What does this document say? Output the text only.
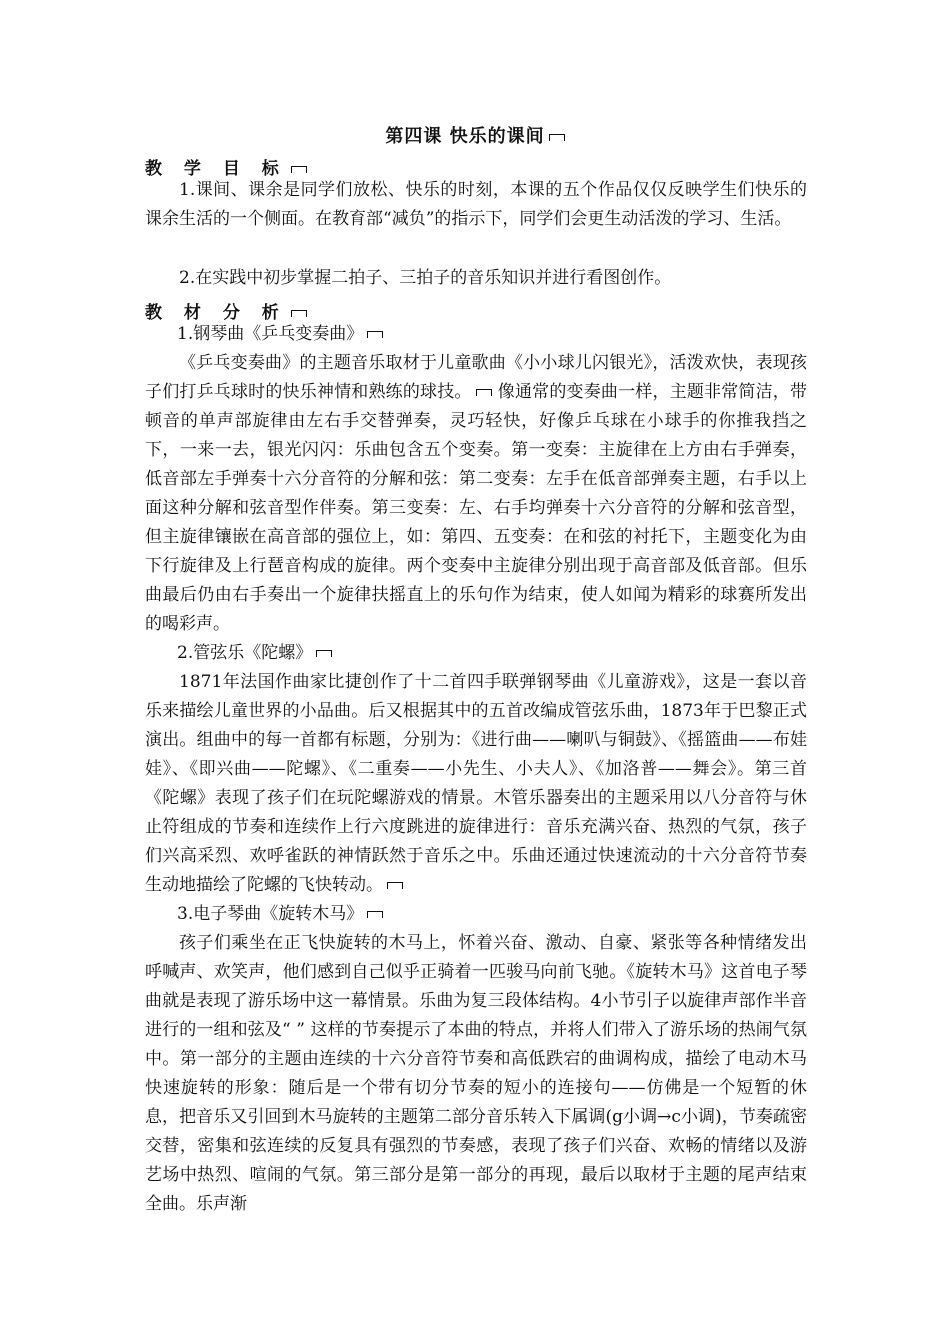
第四课 快乐的课间
教 学 目 标
1.课间、课余是同学们放松、快乐的时刻，本课的五个作品仅仅反映学生们快乐的课余生活的一个侧面。在教育部“减负”的指示下，同学们会更生动活泼的学习、生活。
2.在实践中初步掌握二拍子、三拍子的音乐知识并进行看图创作。
教 材 分 析
1.钢琴曲《乒乓变奏曲》
《乒乓变奏曲》的主题音乐取材于儿童歌曲《小小球儿闪银光》，活泼欢快，表现孩子们打乒乓球时的快乐神情和熟练的球技。 像通常的变奏曲一样，主题非常简洁，带顿音的单声部旋律由左右手交替弹奏，灵巧轻快，好像乒乓球在小球手的你推我挡之下，一来一去，银光闪闪：乐曲包含五个变奏。第一变奏：主旋律在上方由右手弹奏，低音部左手弹奏十六分音符的分解和弦：第二变奏：左手在低音部弹奏主题，右手以上面这种分解和弦音型作伴奏。第三变奏：左、右手均弹奏十六分音符的分解和弦音型，但主旋律镶嵌在高音部的强位上，如：第四、五变奏：在和弦的衬托下，主题变化为由下行旋律及上行琶音构成的旋律。两个变奏中主旋律分别出现于高音部及低音部。但乐曲最后仍由右手奏出一个旋律扶摇直上的乐句作为结束，使人如闻为精彩的球赛所发出的喝彩声。
2.管弦乐《陀螺》
1871年法国作曲家比捷创作了十二首四手联弹钢琴曲《儿童游戏》，这是一套以音乐来描绘儿童世界的小品曲。后又根据其中的五首改编成管弦乐曲，1873年于巴黎正式演出。组曲中的每一首都有标题，分别为：《进行曲——喇叭与铜鼓》、《摇篮曲——布娃娃》、《即兴曲——陀螺》、《二重奏——小先生、小夫人》、《加洛普——舞会》。第三首《陀螺》表现了孩子们在玩陀螺游戏的情景。木管乐器奏出的主题采用以八分音符与休止符组成的节奏和连续作上行六度跳进的旋律进行：音乐充满兴奋、热烈的气氛，孩子们兴高采烈、欢呼雀跃的神情跃然于音乐之中。乐曲还通过快速流动的十六分音符节奏生动地描绘了陀螺的飞快转动。
3.电子琴曲《旋转木马》
孩子们乘坐在正飞快旋转的木马上，怀着兴奋、激动、自豪、紧张等各种情绪发出呼喊声、欢笑声，他们感到自己似乎正骑着一匹骏马向前飞驰。《旋转木马》这首电子琴曲就是表现了游乐场中这一幕情景。乐曲为复三段体结构。4小节引子以旋律声部作半音进行的一组和弦及“ ” 这样的节奏提示了本曲的特点，并将人们带入了游乐场的热闹气氛中。第一部分的主题由连续的十六分音符节奏和高低跌宕的曲调构成，描绘了电动木马快速旋转的形象：随后是一个带有切分节奏的短小的连接句——仿佛是一个短暂的休息，把音乐又引回到木马旋转的主题第二部分音乐转入下属调(g小调→c小调)，节奏疏密交替，密集和弦连续的反复具有强烈的节奏感，表现了孩子们兴奋、欢畅的情绪以及游艺场中热烈、喧闹的气氛。第三部分是第一部分的再现，最后以取材于主题的尾声结束全曲。乐声渐
